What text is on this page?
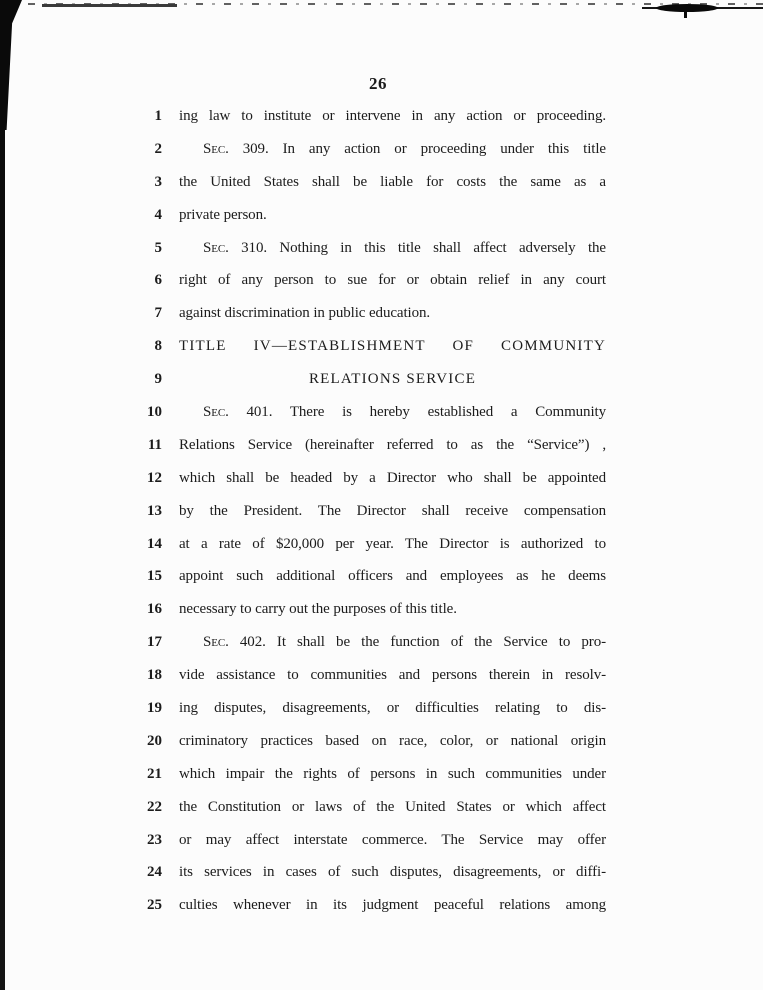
26
1	ing law to institute or intervene in any action or proceeding.
2	Sec. 309. In any action or proceeding under this title
3	the United States shall be liable for costs the same as a
4	private person.
5	Sec. 310. Nothing in this title shall affect adversely the
6	right of any person to sue for or obtain relief in any court
7	against discrimination in public education.
8	TITLE IV—ESTABLISHMENT OF COMMUNITY
9	RELATIONS SERVICE
10	Sec. 401. There is hereby established a Community
11	Relations Service (hereinafter referred to as the “Service”) ,
12	which shall be headed by a Director who shall be appointed
13	by the President. The Director shall receive compensation
14	at a rate of $20,000 per year. The Director is authorized to
15	appoint such additional officers and employees as he deems
16	necessary to carry out the purposes of this title.
17	Sec. 402. It shall be the function of the Service to pro-
18	vide assistance to communities and persons therein in resolv-
19	ing disputes, disagreements, or difficulties relating to dis-
20	criminatory practices based on race, color, or national origin
21	which impair the rights of persons in such communities under
22	the Constitution or laws of the United States or which affect
23	or may affect interstate commerce. The Service may offer
24	its services in cases of such disputes, disagreements, or diffi-
25	culties whenever in its judgment peaceful relations among
